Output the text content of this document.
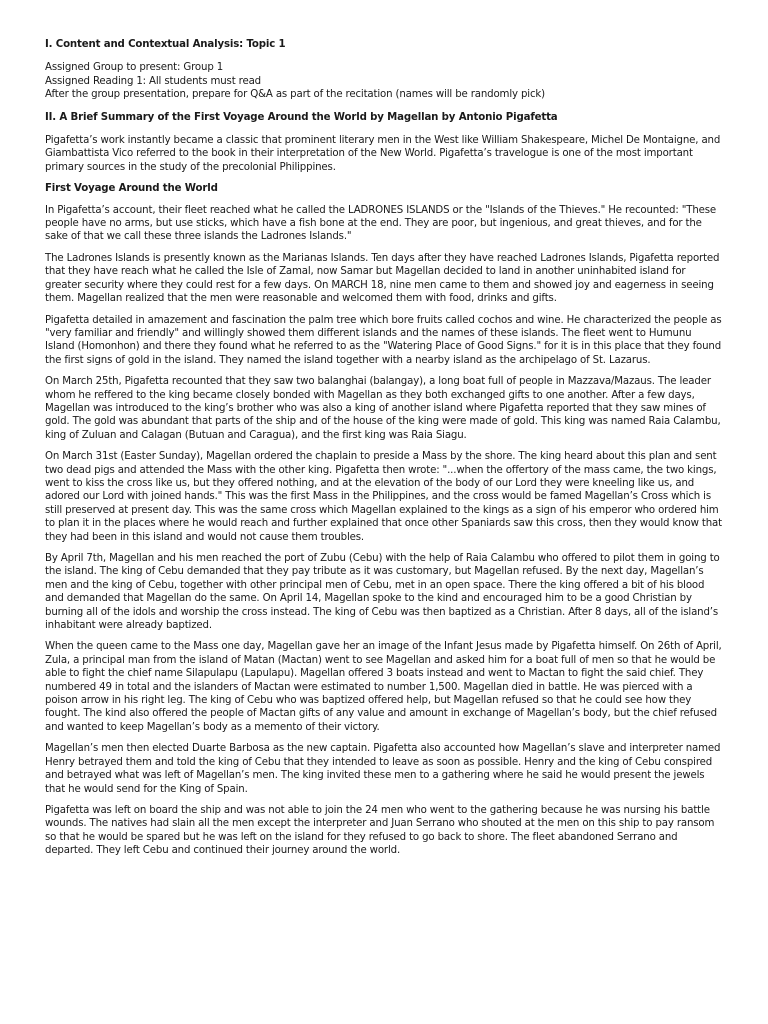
I. Content and Contextual Analysis: Topic 1

Assigned Group to present: Group 1

Assigned Reading 1: All students must read

After the group presentation, prepare for Q&A as part of the recitation (names will be randomly pick)

II. A Brief Summary of the First Voyage Around the World by Magellan by Antonio Pigafetta

Pigafetta’s work instantly became a classic that prominent literary men in the West like William Shakespeare, Michel De Montaigne, and Giambattista Vico referred to the book in their interpretation of the New World. Pigafetta’s travelogue is one of the most important primary sources in the study of the precolonial Philippines.

First Voyage Around the World

In Pigafetta’s account, their fleet reached what he called the LADRONES ISLANDS or the "Islands of the Thieves." He recounted: "These people have no arms, but use sticks, which have a fish bone at the end. They are poor, but ingenious, and great thieves, and for the sake of that we call these three islands the Ladrones Islands."

The Ladrones Islands is presently known as the Marianas Islands. Ten days after they have reached Ladrones Islands, Pigafetta reported that they have reach what he called the Isle of Zamal, now Samar but Magellan decided to land in another uninhabited island for greater security where they could rest for a few days. On MARCH 18, nine men came to them and showed joy and eagerness in seeing them. Magellan realized that the men were reasonable and welcomed them with food, drinks and gifts.

Pigafetta detailed in amazement and fascination the palm tree which bore fruits called cochos and wine. He characterized the people as "very familiar and friendly" and willingly showed them different islands and the names of these islands. The fleet went to Humunu Island (Homonhon) and there they found what he referred to as the "Watering Place of Good Signs." for it is in this place that they found the first signs of gold in the island. They named the island together with a nearby island as the archipelago of St. Lazarus.

On March 25th, Pigafetta recounted that they saw two balanghai (balangay), a long boat full of people in Mazzava/Mazaus. The leader whom he reffered to the king became closely bonded with Magellan as they both exchanged gifts to one another. After a few days, Magellan was introduced to the king’s brother who was also a king of another island where Pigafetta reported that they saw mines of gold. The gold was abundant that parts of the ship and of the house of the king were made of gold. This king was named Raia Calambu, king of Zuluan and Calagan (Butuan and Caragua), and the first king was Raia Siagu.

On March 31st (Easter Sunday), Magellan ordered the chaplain to preside a Mass by the shore. The king heard about this plan and sent two dead pigs and attended the Mass with the other king. Pigafetta then wrote: "...when the offertory of the mass came, the two kings, went to kiss the cross like us, but they offered nothing, and at the elevation of the body of our Lord they were kneeling like us, and adored our Lord with joined hands." This was the first Mass in the Philippines, and the cross would be famed Magellan’s Cross which is still preserved at present day. This was the same cross which Magellan explained to the kings as a sign of his emperor who ordered him to plan it in the places where he would reach and further explained that once other Spaniards saw this cross, then they would know that they had been in this island and would not cause them troubles.

By April 7th, Magellan and his men reached the port of Zubu (Cebu) with the help of Raia Calambu who offered to pilot them in going to the island. The king of Cebu demanded that they pay tribute as it was customary, but Magellan refused. By the next day, Magellan’s men and the king of Cebu, together with other principal men of Cebu, met in an open space. There the king offered a bit of his blood and demanded that Magellan do the same. On April 14, Magellan spoke to the kind and encouraged him to be a good Christian by burning all of the idols and worship the cross instead. The king of Cebu was then baptized as a Christian. After 8 days, all of the island’s inhabitant were already baptized.

When the queen came to the Mass one day, Magellan gave her an image of the Infant Jesus made by Pigafetta himself. On 26th of April, Zula, a principal man from the island of Matan (Mactan) went to see Magellan and asked him for a boat full of men so that he would be able to fight the chief name Silapulapu (Lapulapu). Magellan offered 3 boats instead and went to Mactan to fight the said chief. They numbered 49 in total and the islanders of Mactan were estimated to number 1,500. Magellan died in battle. He was pierced with a poison arrow in his right leg. The king of Cebu who was baptized offered help, but Magellan refused so that he could see how they fought. The kind also offered the people of Mactan gifts of any value and amount in exchange of Magellan’s body, but the chief refused and wanted to keep Magellan’s body as a memento of their victory.

Magellan’s men then elected Duarte Barbosa as the new captain. Pigafetta also accounted how Magellan’s slave and interpreter named Henry betrayed them and told the king of Cebu that they intended to leave as soon as possible. Henry and the king of Cebu conspired and betrayed what was left of Magellan’s men. The king invited these men to a gathering where he said he would present the jewels that he would send for the King of Spain.

Pigafetta was left on board the ship and was not able to join the 24 men who went to the gathering because he was nursing his battle wounds. The natives had slain all the men except the interpreter and Juan Serrano who shouted at the men on this ship to pay ransom so that he would be spared but he was left on the island for they refused to go back to shore. The fleet abandoned Serrano and departed. They left Cebu and continued their journey around the world.
